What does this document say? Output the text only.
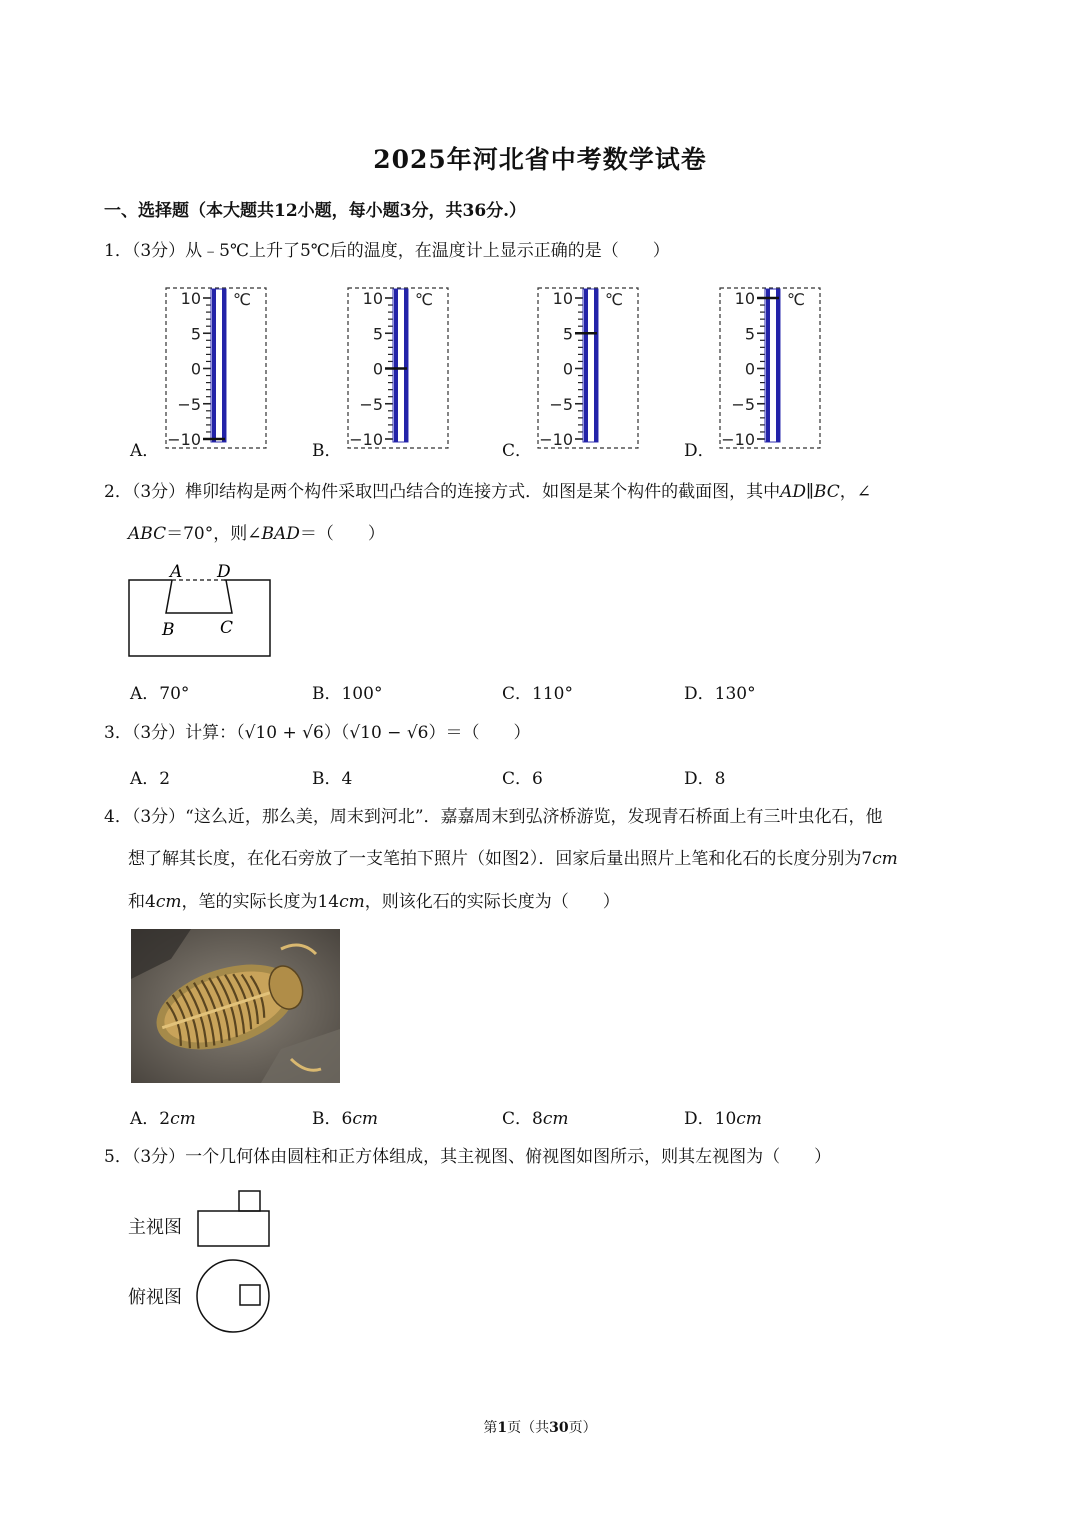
2025年河北省中考数学试卷
一、选择题（本大题共12小题，每小题3分，共36分.）
1．（3分）从﹣5℃上升了5℃后的温度，在温度计上显示正确的是（　　）
A．
10
5
0
−5
−10
℃
B．
10
5
0
−5
−10
℃
C．
10
5
0
−5
−10
℃
D．
10
5
0
−5
−10
℃
2．（3分）榫卯结构是两个构件采取凹凸结合的连接方式．如图是某个构件的截面图，其中AD∥BC，∠
ABC＝70°，则∠BAD＝（　　）
A D
B	C
A．70°	B．100°	C．110°	D．130°
3．（3分）计算：（√10 + √6）（√10 − √6）＝（　　）
A．2	B．4	C．6	D．8
4．（3分）“这么近，那么美，周末到河北”．嘉嘉周末到弘济桥游览，发现青石桥面上有三叶虫化石，他
想了解其长度，在化石旁放了一支笔拍下照片（如图2）．回家后量出照片上笔和化石的长度分别为7cm
和4cm，笔的实际长度为14cm，则该化石的实际长度为（　　）
A．2cm	B．6cm	C．8cm	D．10cm
5．（3分）一个几何体由圆柱和正方体组成，其主视图、俯视图如图所示，则其左视图为（　　）
主视图
俯视图
第1页（共30页）
